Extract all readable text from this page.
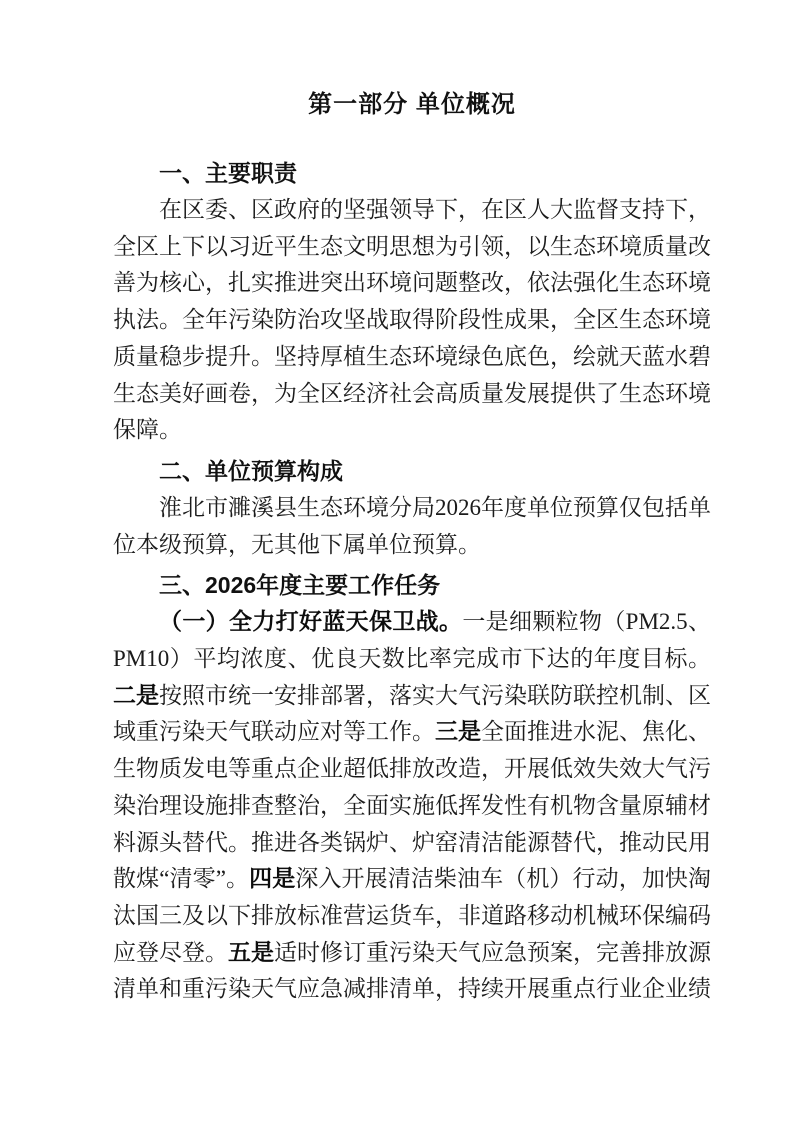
第一部分 单位概况
一、主要职责

在区委、区政府的坚强领导下，在区人大监督支持下，全区上下以习近平生态文明思想为引领，以生态环境质量改善为核心，扎实推进突出环境问题整改，依法强化生态环境执法。全年污染防治攻坚战取得阶段性成果，全区生态环境质量稳步提升。坚持厚植生态环境绿色底色，绘就天蓝水碧生态美好画卷，为全区经济社会高质量发展提供了生态环境保障。

二、单位预算构成

淮北市濉溪县生态环境分局2026年度单位预算仅包括单位本级预算，无其他下属单位预算。

三、2026年度主要工作任务

（一）全力打好蓝天保卫战。一是细颗粒物（PM2.5、PM10）平均浓度、优良天数比率完成市下达的年度目标。二是按照市统一安排部署，落实大气污染联防联控机制、区域重污染天气联动应对等工作。三是全面推进水泥、焦化、生物质发电等重点企业超低排放改造，开展低效失效大气污染治理设施排查整治，全面实施低挥发性有机物含量原辅材料源头替代。推进各类锅炉、炉窑清洁能源替代，推动民用散煤“清零”。四是深入开展清洁柴油车（机）行动，加快淘汰国三及以下排放标准营运货车，非道路移动机械环保编码应登尽登。五是适时修订重污染天气应急预案，完善排放源清单和重污染天气应急减排清单，持续开展重点行业企业绩
